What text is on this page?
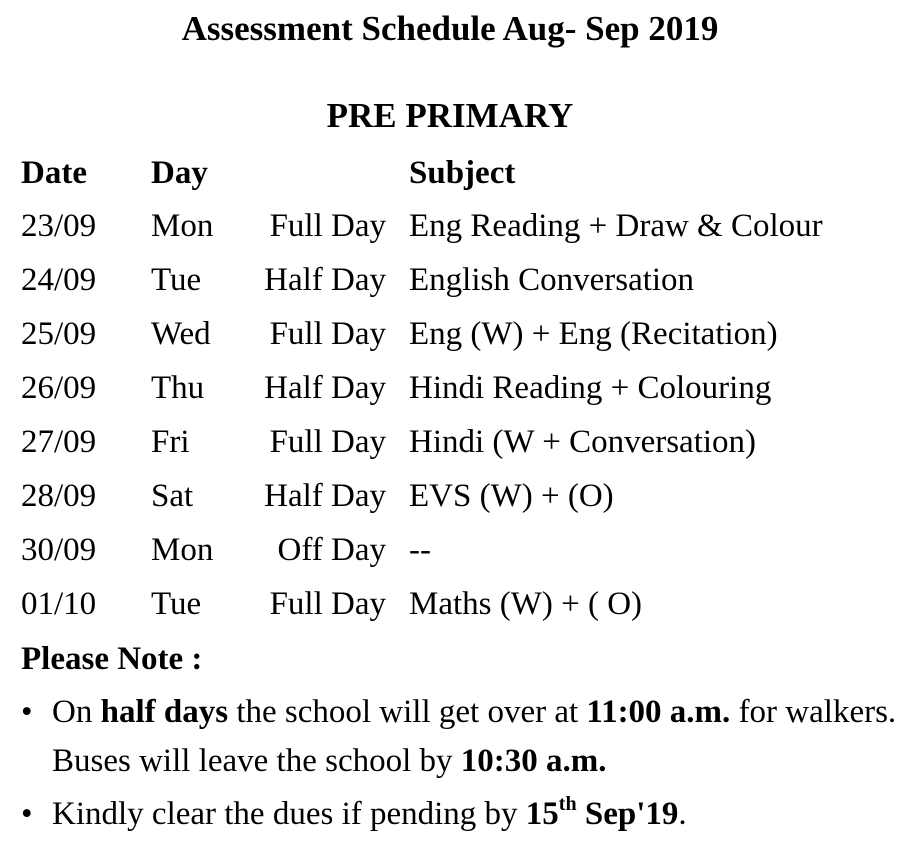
Assessment Schedule Aug- Sep 2019
PRE PRIMARY
Date Day	Subject
23/09 Mon	Full Day Eng Reading + Draw & Colour
24/09 Tue	Half Day English Conversation
25/09 Wed	Full Day Eng (W) + Eng (Recitation)
26/09 Thu	Half Day Hindi Reading + Colouring
27/09 Fri	Full Day Hindi (W + Conversation)
28/09 Sat	Half Day EVS (W) + (O)
30/09 Mon	Off Day --
01/10 Tue	Full Day Maths (W) + ( O)
Please Note :
• On half days the school will get over at 11:00 a.m. for walkers. Buses will leave the school by 10:30 a.m.
• Kindly clear the dues if pending by 15th Sep'19.
